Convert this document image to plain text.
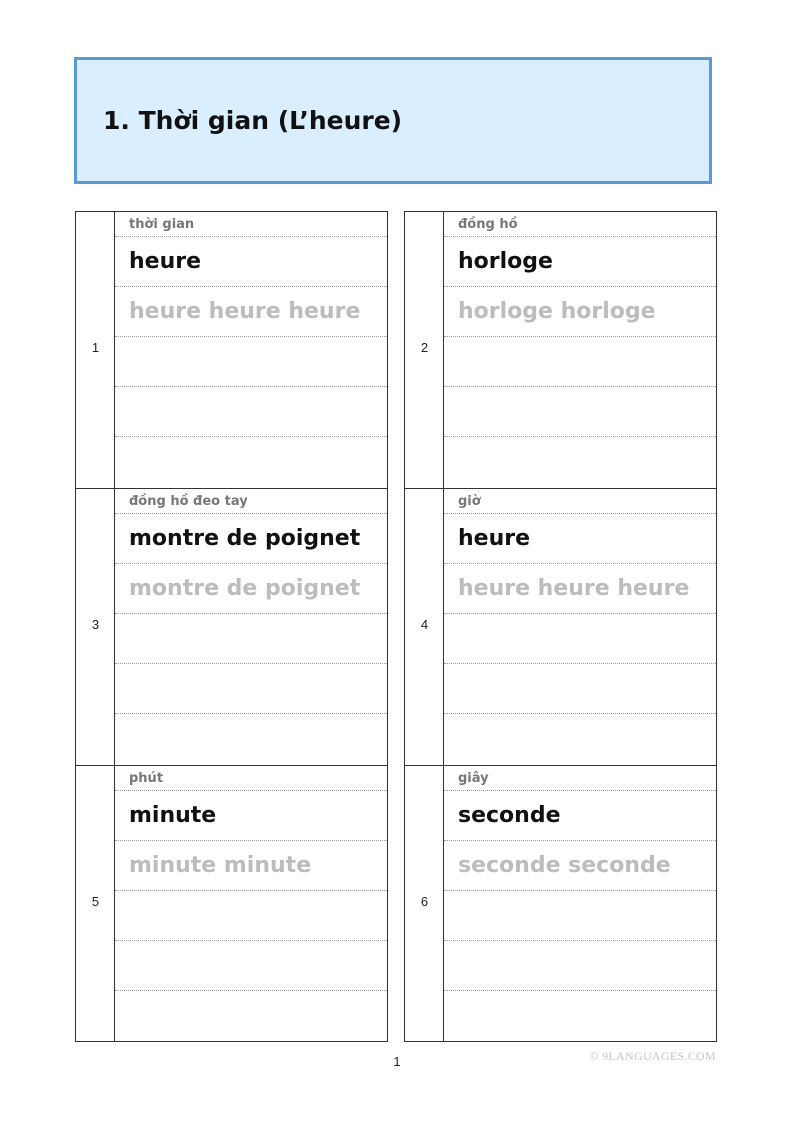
1. Thời gian (L’heure)
1
thời gian
heure
heure heure heure
2
đồng hồ
horloge
horloge horloge
3
đồng hồ đeo tay
montre de poignet
montre de poignet
4
giờ
heure
heure heure heure
5
phút
minute
minute minute
6
giây
seconde
seconde seconde
1	© 9LANGUAGES.COM
